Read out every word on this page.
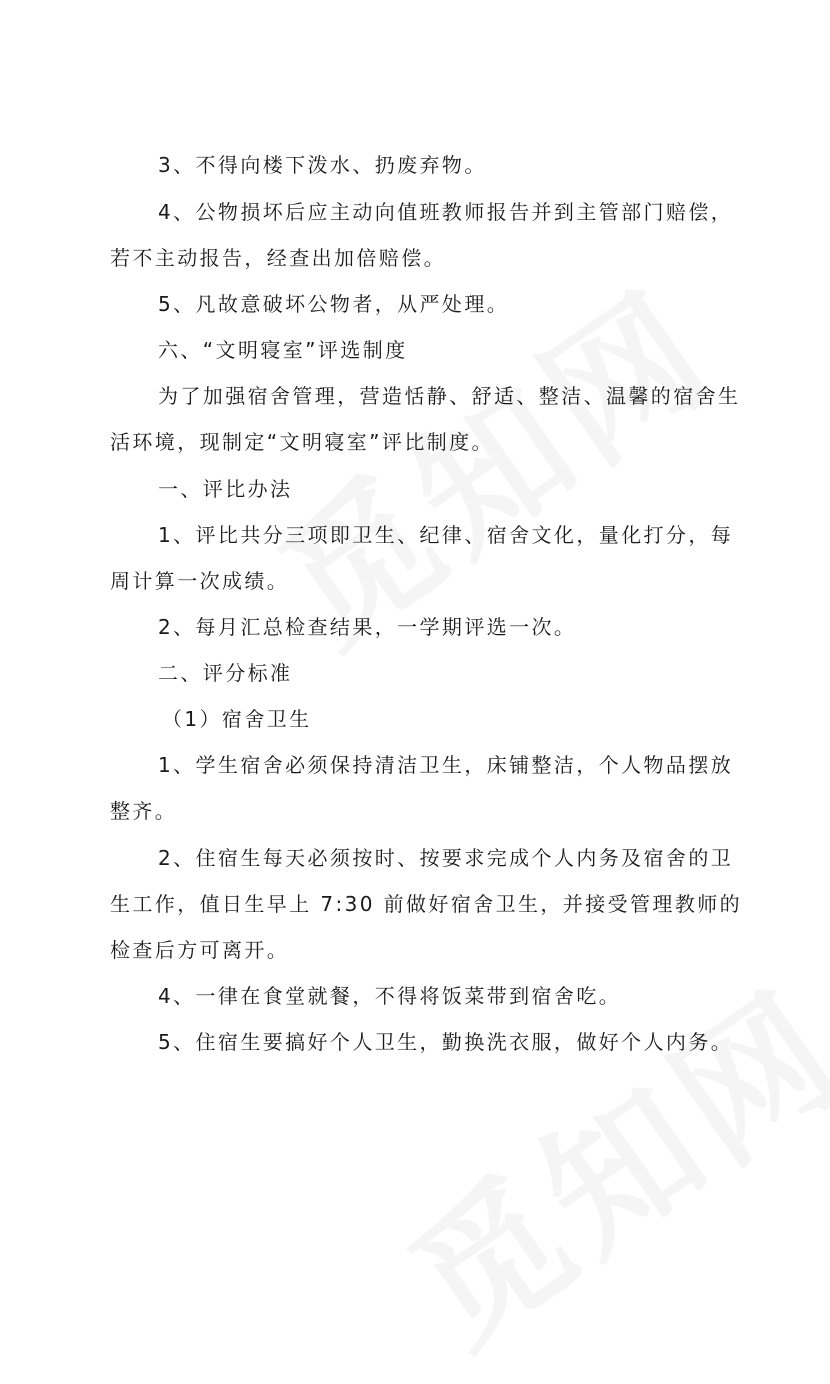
3、不得向楼下泼水、扔废弃物。
4、公物损坏后应主动向值班教师报告并到主管部门赔偿，
若不主动报告，经查出加倍赔偿。
5、凡故意破坏公物者，从严处理。
六、“文明寝室”评选制度
为了加强宿舍管理，营造恬静、舒适、整洁、温馨的宿舍生
活环境，现制定“文明寝室”评比制度。
一、评比办法
1、评比共分三项即卫生、纪律、宿舍文化，量化打分，每
周计算一次成绩。
2、每月汇总检查结果，一学期评选一次。
二、评分标准
（1）宿舍卫生
1、学生宿舍必须保持清洁卫生，床铺整洁，个人物品摆放
整齐。
2、住宿生每天必须按时、按要求完成个人内务及宿舍的卫
生工作，值日生早上 7:30 前做好宿舍卫生，并接受管理教师的
检查后方可离开。
4、一律在食堂就餐，不得将饭菜带到宿舍吃。
5、住宿生要搞好个人卫生，勤换洗衣服，做好个人内务。
